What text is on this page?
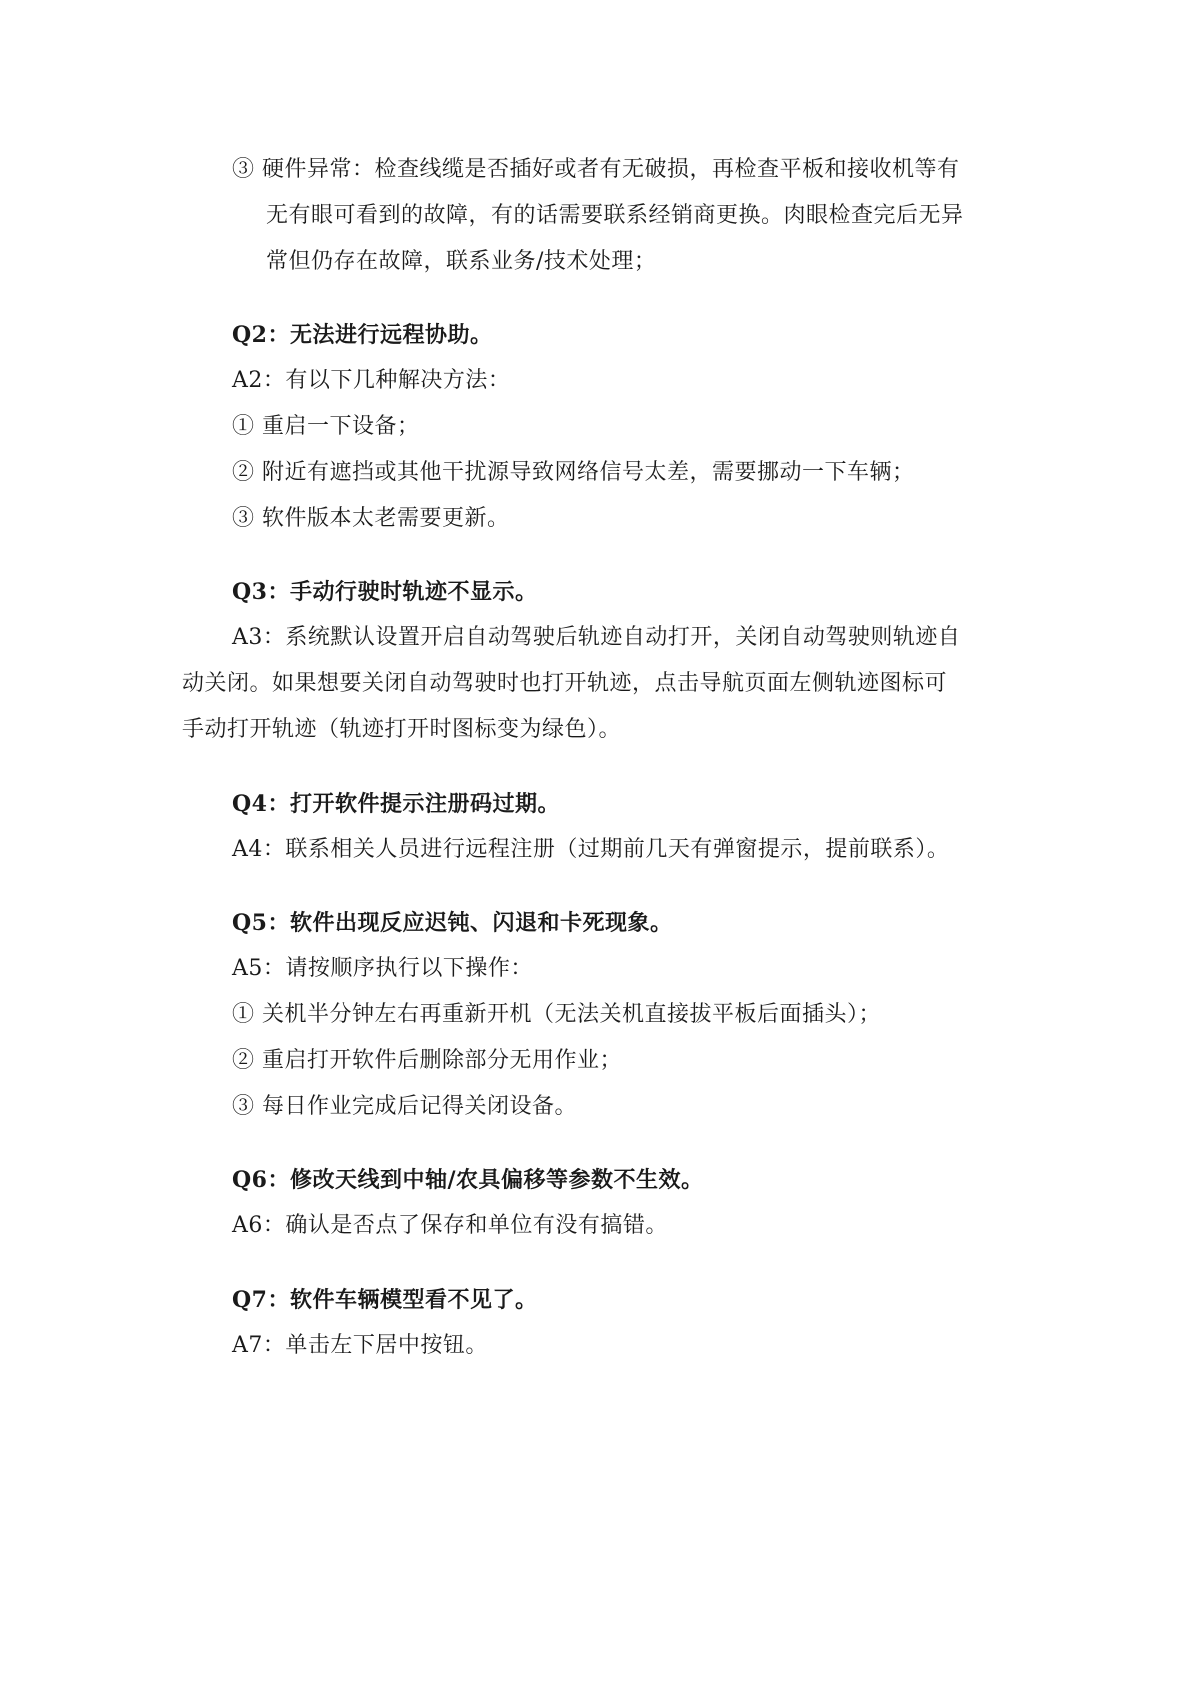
③ 硬件异常：检查线缆是否插好或者有无破损，再检查平板和接收机等有
无有眼可看到的故障，有的话需要联系经销商更换。肉眼检查完后无异
常但仍存在故障，联系业务/技术处理；
Q2：无法进行远程协助。
A2：有以下几种解决方法：
① 重启一下设备；
② 附近有遮挡或其他干扰源导致网络信号太差，需要挪动一下车辆；
③ 软件版本太老需要更新。
Q3：手动行驶时轨迹不显示。
A3：系统默认设置开启自动驾驶后轨迹自动打开，关闭自动驾驶则轨迹自
动关闭。如果想要关闭自动驾驶时也打开轨迹，点击导航页面左侧轨迹图标可
手动打开轨迹（轨迹打开时图标变为绿色）。
Q4：打开软件提示注册码过期。
A4：联系相关人员进行远程注册（过期前几天有弹窗提示，提前联系）。
Q5：软件出现反应迟钝、闪退和卡死现象。
A5：请按顺序执行以下操作：
① 关机半分钟左右再重新开机（无法关机直接拔平板后面插头）；
② 重启打开软件后删除部分无用作业；
③ 每日作业完成后记得关闭设备。
Q6：修改天线到中轴/农具偏移等参数不生效。
A6：确认是否点了保存和单位有没有搞错。
Q7：软件车辆模型看不见了。
A7：单击左下居中按钮。
